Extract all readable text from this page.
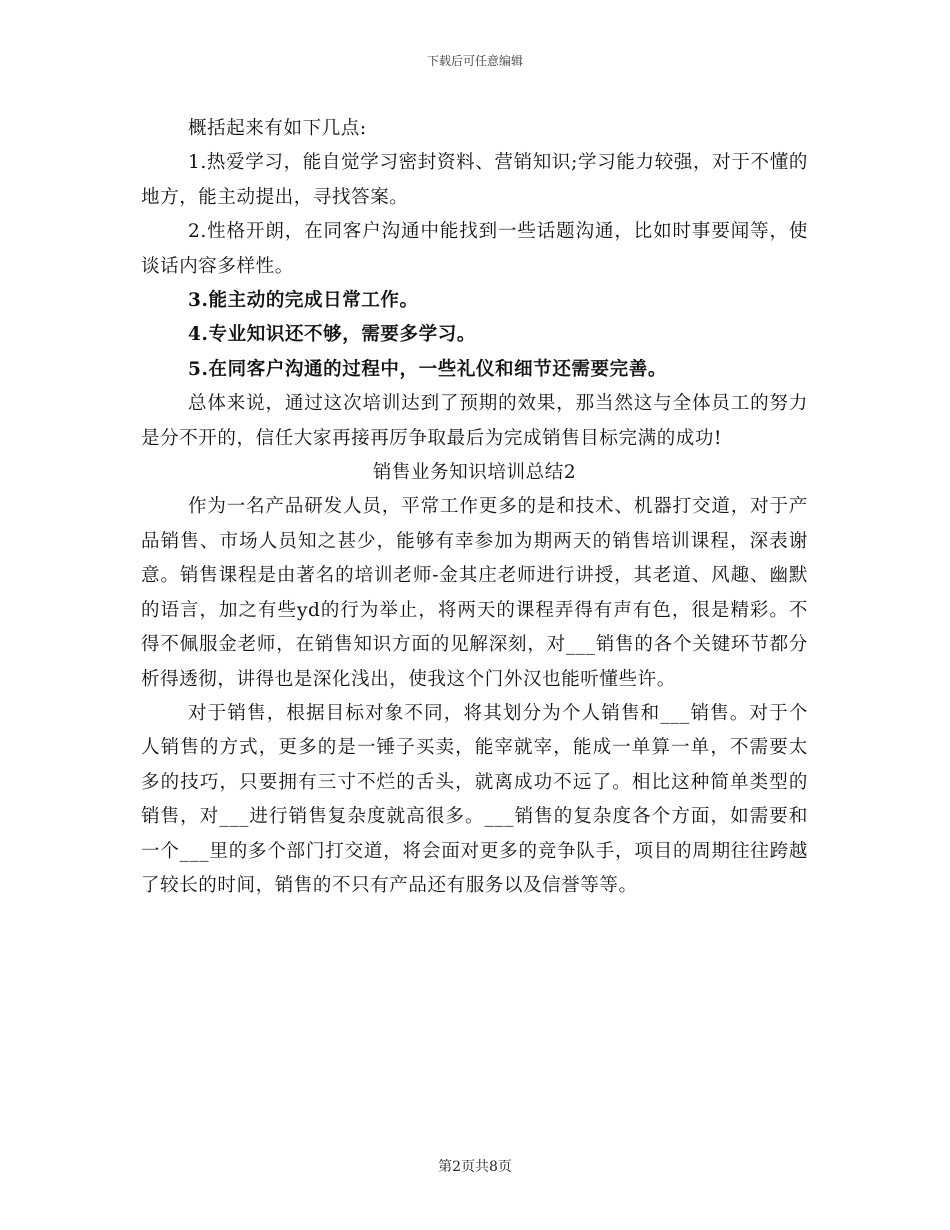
下载后可任意编辑

概括起来有如下几点:

1.热爱学习，能自觉学习密封资料、营销知识;学习能力较强，对于不懂的地方，能主动提出，寻找答案。

2.性格开朗，在同客户沟通中能找到一些话题沟通，比如时事要闻等，使谈话内容多样性。

3.能主动的完成日常工作。

4.专业知识还不够，需要多学习。

5.在同客户沟通的过程中，一些礼仪和细节还需要完善。

总体来说，通过这次培训达到了预期的效果，那当然这与全体员工的努力是分不开的，信任大家再接再厉争取最后为完成销售目标完满的成功!

销售业务知识培训总结2

作为一名产品研发人员，平常工作更多的是和技术、机器打交道，对于产品销售、市场人员知之甚少，能够有幸参加为期两天的销售培训课程，深表谢意。销售课程是由著名的培训老师-金其庄老师进行讲授，其老道、风趣、幽默的语言，加之有些yd的行为举止，将两天的课程弄得有声有色，很是精彩。不得不佩服金老师，在销售知识方面的见解深刻，对___销售的各个关键环节都分析得透彻，讲得也是深化浅出，使我这个门外汉也能听懂些许。

对于销售，根据目标对象不同，将其划分为个人销售和___销售。对于个人销售的方式，更多的是一锤子买卖，能宰就宰，能成一单算一单，不需要太多的技巧，只要拥有三寸不烂的舌头，就离成功不远了。相比这种简单类型的销售，对___进行销售复杂度就高很多。___销售的复杂度各个方面，如需要和一个___里的多个部门打交道，将会面对更多的竞争队手，项目的周期往往跨越了较长的时间，销售的不只有产品还有服务以及信誉等等。

第2页共8页
